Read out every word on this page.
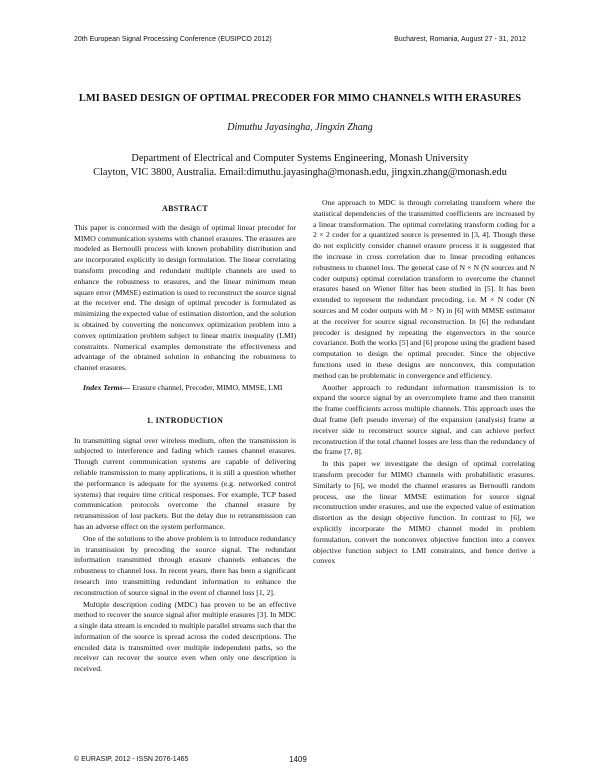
20th European Signal Processing Conference (EUSIPCO 2012)	Bucharest, Romania, August 27 - 31, 2012
LMI BASED DESIGN OF OPTIMAL PRECODER FOR MIMO CHANNELS WITH ERASURES
Dimuthu Jayasingha, Jingxin Zhang
Department of Electrical and Computer Systems Engineering, Monash University
Clayton, VIC 3800, Australia. Email:dimuthu.jayasingha@monash.edu, jingxin.zhang@monash.edu
ABSTRACT

This paper is concerned with the design of optimal linear precoder for MIMO communication systems with channel erasures. The erasures are modeled as Bernoulli process with known probability distribution and are incorporated explicitly in design formulation. The linear correlating transform precoding and redundant multiple channels are used to enhance the robustness to erasures, and the linear minimum mean square error (MMSE) estimation is used to reconstruct the source signal at the receiver end. The design of optimal precoder is formulated as minimizing the expected value of estimation distortion, and the solution is obtained by converting the nonconvex optimization problem into a convex optimization problem subject to linear matrix inequality (LMI) constraints. Numerical examples demonstrate the effectiveness and advantage of the obtained solution in enhancing the robustness to channel erasures.

Index Terms— Erasure channel, Precoder, MIMO, MMSE, LMI

1. INTRODUCTION

In transmitting signal over wireless medium, often the transmission is subjected to interference and fading which causes channel erasures. Though current communication systems are capable of delivering reliable transmission to many applications, it is still a question whether the performance is adequate for the systems (e.g. networked control systems) that require time critical responses. For example, TCP based communication protocols overcome the channel erasure by retransmission of lost packets. But the delay due to retransmission can has an adverse effect on the system performance.

One of the solutions to the above problem is to introduce redundancy in transmission by precoding the source signal. The redundant information transmitted through erasure channels enhances the robustness to channel loss. In recent years, there has been a significant research into transmitting redundant information to enhance the reconstruction of source signal in the event of channel loss [1, 2].

Multiple description coding (MDC) has proven to be an effective method to recover the source signal after multiple erasures [3]. In MDC a single data stream is encoded to multiple parallel streams such that the information of the source is spread across the coded descriptions. The encoded data is transmitted over multiple independent paths, so the receiver can recover the source even when only one description is received.

One approach to MDC is through correlating transform where the statistical dependencies of the transmitted coefficients are increased by a linear transformation. The optimal correlating transform coding for a 2 × 2 coder for a quantized source is presented in [3, 4]. Though these do not explicitly consider channel erasure process it is suggested that the increase in cross correlation due to linear precoding enhances robustness to channel loss. The general case of N × N (N sources and N coder outputs) optimal correlation transform to overcome the channel erasures based on Wiener filter has been studied in [5]. It has been extended to represent the redundant precoding, i.e. M × N coder (N sources and M coder outputs with M > N) in [6] with MMSE estimator at the receiver for source signal reconstruction. In [6] the redundant precoder is designed by repeating the eigenvectors in the source covariance. Both the works [5] and [6] propose using the gradient based computation to design the optimal precoder. Since the objective functions used in these designs are nonconvex, this computation method can be problematic in convergence and efficiency.

Another approach to redundant information transmission is to expand the source signal by an overcomplete frame and then transmit the frame coefficients across multiple channels. This approach uses the dual frame (left pseudo inverse) of the expansion (analysis) frame at receiver side to reconstruct source signal, and can achieve perfect reconstruction if the total channel losses are less than the redundancy of the frame [7, 8].

In this paper we investigate the design of optimal correlating transform precoder for MIMO channels with probabilistic erasures. Similarly to [6], we model the channel erasures as Bernoulli random process, use the linear MMSE estimation for source signal reconstruction under erasures, and use the expected value of estimation distortion as the design objective function. In contrast to [6], we explicitly incorporate the MIMO channel model in problem formulation, convert the nonconvex objective function into a convex objective function subject to LMI constraints, and hence derive a convex

© EURASIP, 2012 - ISSN 2076-1465	1409
